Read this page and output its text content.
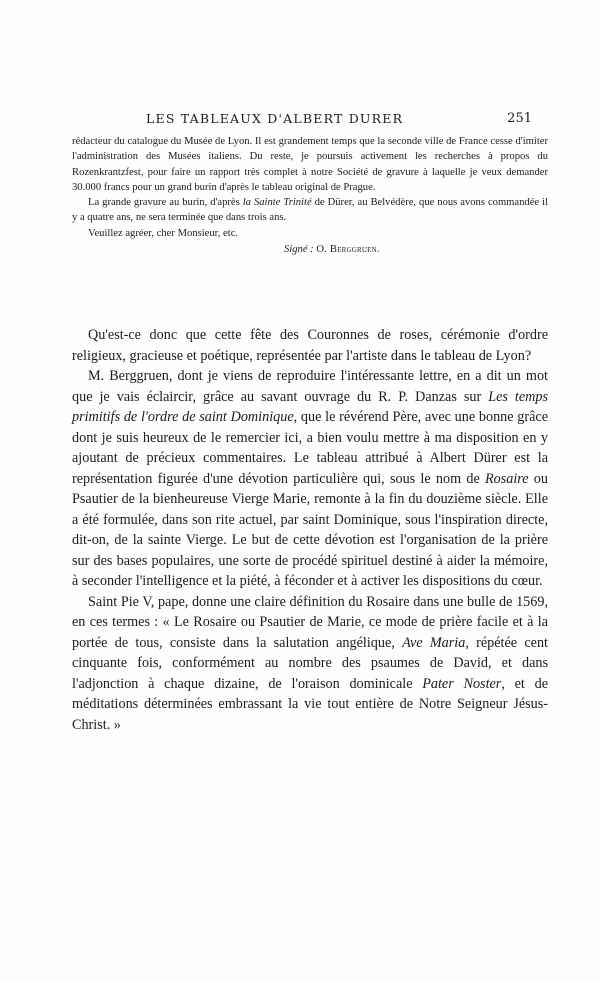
LES TABLEAUX D'ALBERT DURER	251

rédacteur du catalogue du Musée de Lyon. Il est grandement temps que la seconde ville de France cesse d'imiter l'administration des Musées italiens. Du reste, je poursuis activement les recherches à propos du Rozenkrantzfest, pour faire un rapport très complet à notre Société de gravure à laquelle je veux demander 30.000 francs pour un grand burin d'après le tableau original de Prague.

La grande gravure au burin, d'après la Sainte Trinité de Dürer, au Belvédère, que nous avons commandée il y a quatre ans, ne sera terminée que dans trois ans.

Veuillez agréer, cher Monsieur, etc.

Signé : O. Berggruen.

Qu'est-ce donc que cette fête des Couronnes de roses, cérémonie d'ordre religieux, gracieuse et poétique, représentée par l'artiste dans le tableau de Lyon?

M. Berggruen, dont je viens de reproduire l'intéressante lettre, en a dit un mot que je vais éclaircir, grâce au savant ouvrage du R. P. Danzas sur Les temps primitifs de l'ordre de saint Dominique, que le révérend Père, avec une bonne grâce dont je suis heureux de le remercier ici, a bien voulu mettre à ma disposition en y ajoutant de précieux commentaires. Le tableau attribué à Albert Dürer est la représentation figurée d'une dévotion particulière qui, sous le nom de Rosaire ou Psautier de la bienheureuse Vierge Marie, remonte à la fin du douzième siècle. Elle a été formulée, dans son rite actuel, par saint Dominique, sous l'inspiration directe, dit-on, de la sainte Vierge. Le but de cette dévotion est l'organisation de la prière sur des bases populaires, une sorte de procédé spirituel destiné à aider la mémoire, à seconder l'intelligence et la piété, à féconder et à activer les dispositions du cœur.

Saint Pie V, pape, donne une claire définition du Rosaire dans une bulle de 1569, en ces termes : « Le Rosaire ou Psautier de Marie, ce mode de prière facile et à la portée de tous, consiste dans la salutation angélique, Ave Maria, répétée cent cinquante fois, conformément au nombre des psaumes de David, et dans l'adjonction à chaque dizaine, de l'oraison dominicale Pater Noster, et de méditations déterminées embrassant la vie tout entière de Notre Seigneur Jésus-Christ. »
